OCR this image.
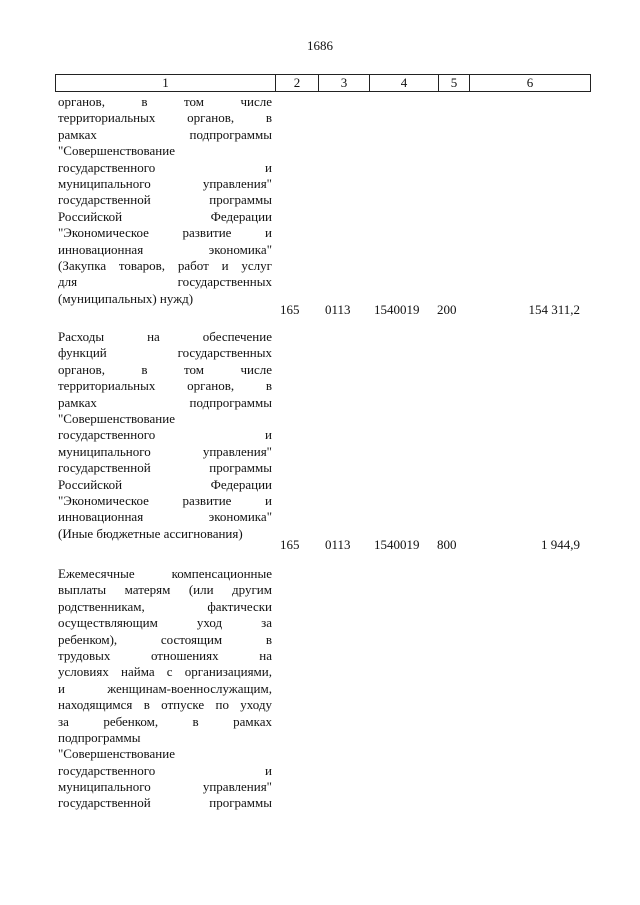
1686
1	2	3	4	5	6
органов, в том числе
территориальных органов, в
рамках подпрограммы
"Совершенствование
государственного и
муниципального управления"
государственной программы
Российской Федерации
"Экономическое развитие и
инновационная экономика"
(Закупка товаров, работ и услуг
для государственных
(муниципальных) нужд)
165 0113 1540019 200	154 311,2
Расходы на обеспечение
функций государственных
органов, в том числе
территориальных органов, в
рамках подпрограммы
"Совершенствование
государственного и
муниципального управления"
государственной программы
Российской Федерации
"Экономическое развитие и
инновационная экономика"
(Иные бюджетные ассигнования)
165 0113 1540019 800	1 944,9
Ежемесячные компенсационные
выплаты матерям (или другим
родственникам, фактически
осуществляющим уход за
ребенком), состоящим в
трудовых отношениях на
условиях найма с организациями,
и женщинам-военнослужащим,
находящимся в отпуске по уходу
за ребенком, в рамках
подпрограммы
"Совершенствование
государственного и
муниципального управления"
государственной программы
